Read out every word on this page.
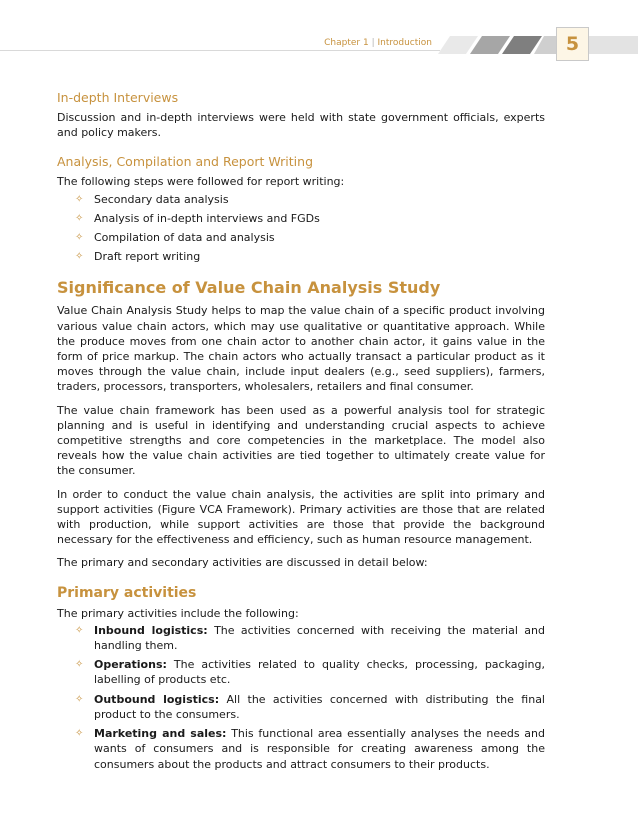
Chapter 1 | Introduction	5
In-depth Interviews

Discussion and in-depth interviews were held with state government officials, experts and policy makers.

Analysis, Compilation and Report Writing

The following steps were followed for report writing:

✧ Secondary data analysis
✧ Analysis of in-depth interviews and FGDs
✧ Compilation of data and analysis
✧ Draft report writing
Significance of Value Chain Analysis Study

Value Chain Analysis Study helps to map the value chain of a specific product involving various value chain actors, which may use qualitative or quantitative approach. While the produce moves from one chain actor to another chain actor, it gains value in the form of price markup. The chain actors who actually transact a particular product as it moves through the value chain, include input dealers (e.g., seed suppliers), farmers, traders, processors, transporters, wholesalers, retailers and final consumer.

The value chain framework has been used as a powerful analysis tool for strategic planning and is useful in identifying and understanding crucial aspects to achieve competitive strengths and core competencies in the marketplace. The model also reveals how the value chain activities are tied together to ultimately create value for the consumer.

In order to conduct the value chain analysis, the activities are split into primary and support activities (Figure VCA Framework). Primary activities are those that are related with production, while support activities are those that provide the background necessary for the effectiveness and efficiency, such as human resource management.

The primary and secondary activities are discussed in detail below:

Primary activities

The primary activities include the following:

✧ Inbound logistics: The activities concerned with receiving the material and handling them.
✧ Operations: The activities related to quality checks, processing, packaging, labelling of products etc.
✧ Outbound logistics: All the activities concerned with distributing the final product to the consumers.
✧ Marketing and sales: This functional area essentially analyses the needs and wants of consumers and is responsible for creating awareness among the consumers about the products and attract consumers to their products.
